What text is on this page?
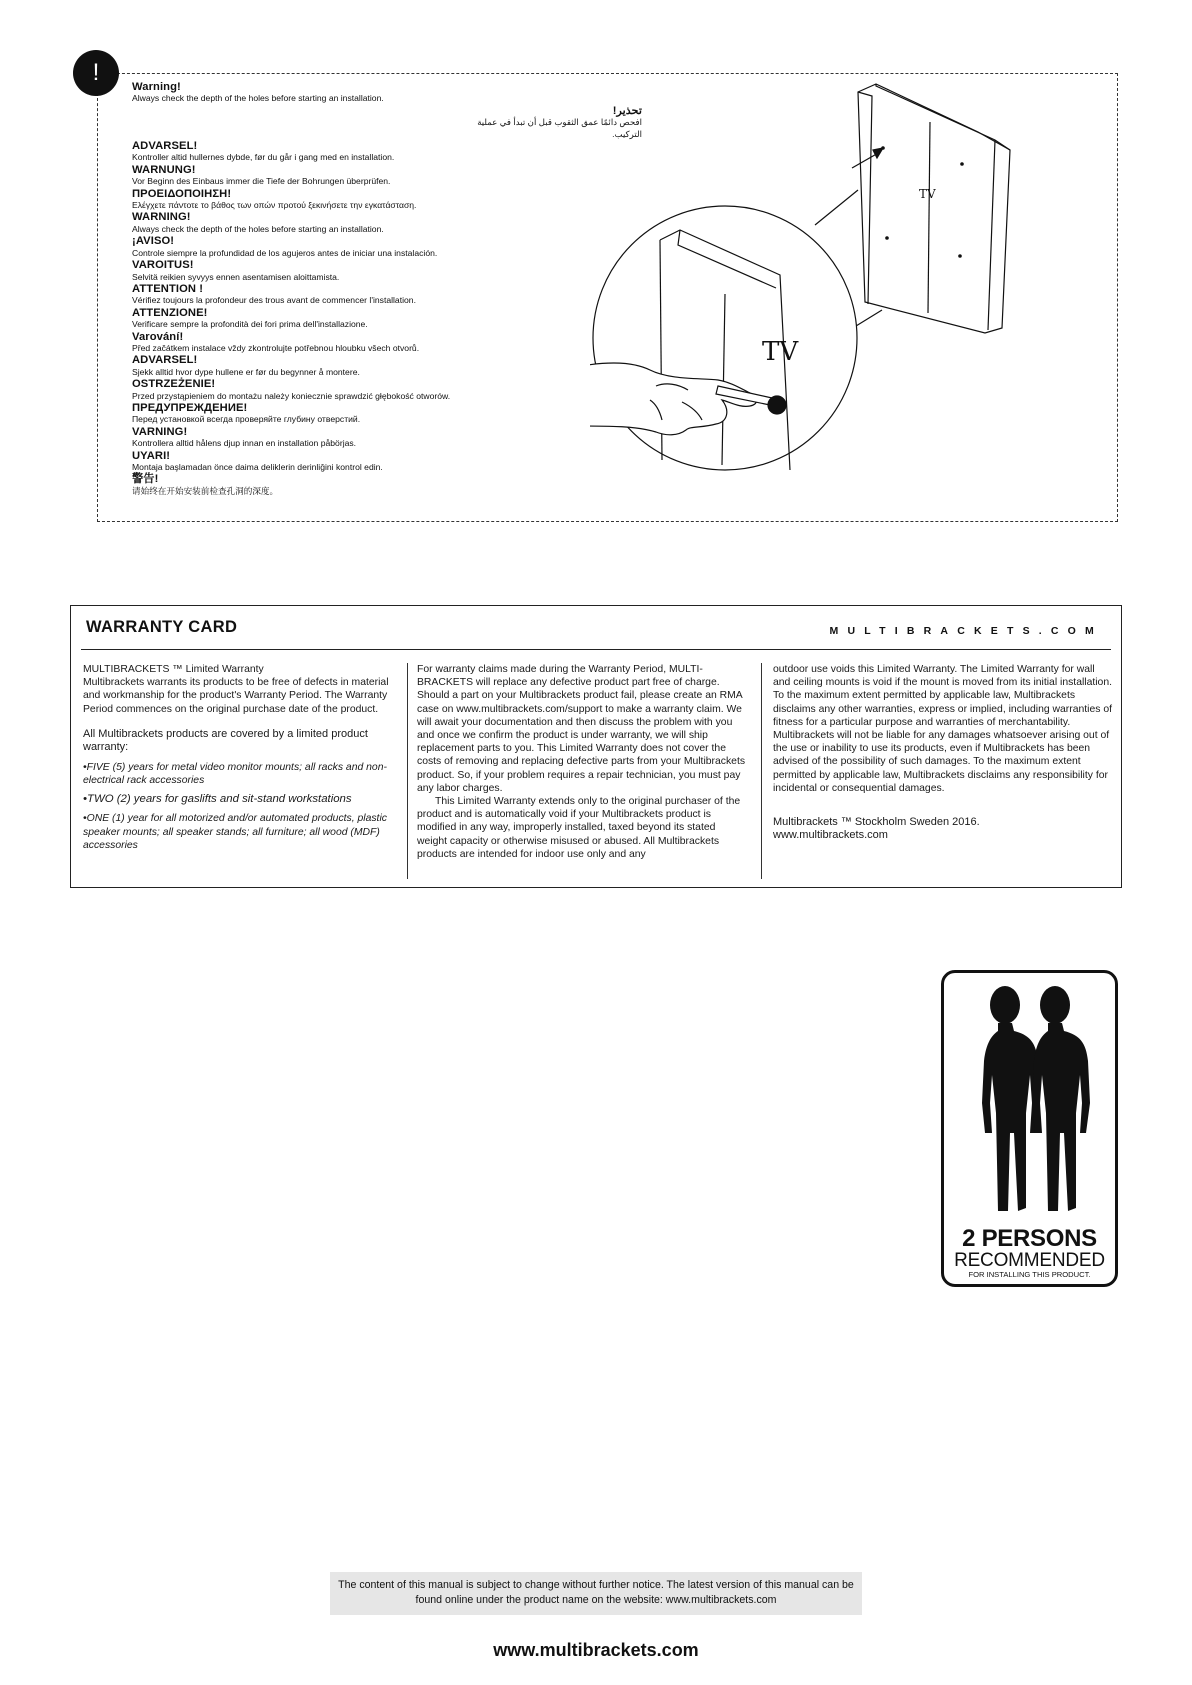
!
Warning!
Always check the depth of the holes before starting an installation.
تحذير!
افحص دائمًا عمق الثقوب قبل أن تبدأ في عملية التركيب.
ADVARSEL!
Kontroller altid hullernes dybde, før du går i gang med en installation.
WARNUNG!
Vor Beginn des Einbaus immer die Tiefe der Bohrungen überprüfen.
ΠΡΟΕΙΔΟΠΟΙΗΣΗ!
Ελέγχετε πάντοτε το βάθος των οπών προτού ξεκινήσετε την εγκατάσταση.
WARNING!
Always check the depth of the holes before starting an installation.
¡AVISO!
Controle siempre la profundidad de los agujeros antes de iniciar una instalación.
VAROITUS!
Selvitä reikien syvyys ennen asentamisen aloittamista.
ATTENTION !
Vérifiez toujours la profondeur des trous avant de commencer l'installation.
ATTENZIONE!
Verificare sempre la profondità dei fori prima dell'installazione.
Varování!
Před začátkem instalace vždy zkontrolujte potřebnou hloubku všech otvorů.
ADVARSEL!
Sjekk alltid hvor dype hullene er før du begynner å montere.
OSTRZEŻENIE!
Przed przystąpieniem do montażu należy koniecznie sprawdzić głębokość otworów.
ПРЕДУПРЕЖДЕНИЕ!
Перед установкой всегда проверяйте глубину отверстий.
VARNING!
Kontrollera alltid hålens djup innan en installation påbörjas.
UYARI!
Montaja başlamadan önce daima deliklerin derinliğini kontrol edin.
警告!
请始终在开始安装前检查孔洞的深度。
TV
TV
WARRANTY CARD	MULTIBRACKETS.COM

MULTIBRACKETS ™ Limited Warranty

Multibrackets warrants its products to be free of defects in material and workmanship for the product's Warranty Period. The Warranty Period commences on the original purchase date of the product.

All Multibrackets products are covered by a limited product warranty:

•FIVE (5) years for metal video monitor mounts; all racks and non-electrical rack accessories

•TWO (2) years for gaslifts and sit-stand workstations

•ONE (1) year for all motorized and/or automated products, plastic speaker mounts; all speaker stands; all furniture; all wood (MDF) accessories

For warranty claims made during the Warranty Period, MULTI-BRACKETS will replace any defective product part free of charge. Should a part on your Multibrackets product fail, please create an RMA case on www.multibrackets.com/support to make a warranty claim. We will await your documentation and then discuss the problem with you and once we confirm the product is under warranty, we will ship replacement parts to you. This Limited Warranty does not cover the costs of removing and replacing defective parts from your Multibrackets product. So, if your problem requires a repair technician, you must pay any labor charges.

This Limited Warranty extends only to the original purchaser of the product and is automatically void if your Multibrackets product is modified in any way, improperly installed, taxed beyond its stated weight capacity or otherwise misused or abused. All Multibrackets products are intended for indoor use only and any

outdoor use voids this Limited Warranty. The Limited Warranty for wall and ceiling mounts is void if the mount is moved from its initial installation. To the maximum extent permitted by applicable law, Multibrackets disclaims any other warranties, express or implied, including warranties of fitness for a particular purpose and warranties of merchantability. Multibrackets will not be liable for any damages whatsoever arising out of the use or inability to use its products, even if Multibrackets has been advised of the possibility of such damages. To the maximum extent permitted by applicable law, Multibrackets disclaims any responsibility for incidental or consequential damages.

Multibrackets ™ Stockholm Sweden 2016.

www.multibrackets.com

2 PERSONS
RECOMMENDED
FOR INSTALLING THIS PRODUCT.
The content of this manual is subject to change without further notice. The latest version of this manual can be found online under the product name on the website: www.multibrackets.com
www.multibrackets.com
